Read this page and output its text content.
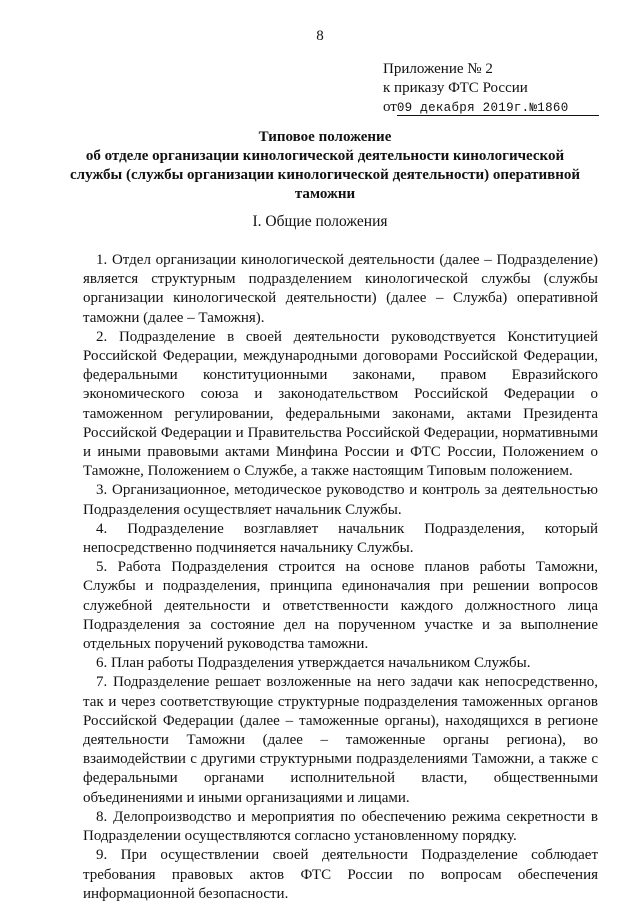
8
Приложение № 2
к приказу ФТС России
от09 декабря 2019г.№1860
Типовое положение
об отделе организации кинологической деятельности кинологической службы (службы организации кинологической деятельности) оперативной таможни
I. Общие положения

1. Отдел организации кинологической деятельности (далее – Подразделение) является структурным подразделением кинологической службы (службы организации кинологической деятельности) (далее – Служба) оперативной таможни (далее – Таможня).

2. Подразделение в своей деятельности руководствуется Конституцией Российской Федерации, международными договорами Российской Федерации, федеральными конституционными законами, правом Евразийского экономического союза и законодательством Российской Федерации о таможенном регулировании, федеральными законами, актами Президента Российской Федерации и Правительства Российской Федерации, нормативными и иными правовыми актами Минфина России и ФТС России, Положением о Таможне, Положением о Службе, а также настоящим Типовым положением.

3. Организационное, методическое руководство и контроль за деятельностью Подразделения осуществляет начальник Службы.

4. Подразделение возглавляет начальник Подразделения, который непосредственно подчиняется начальнику Службы.

5. Работа Подразделения строится на основе планов работы Таможни, Службы и подразделения, принципа единоначалия при решении вопросов служебной деятельности и ответственности каждого должностного лица Подразделения за состояние дел на порученном участке и за выполнение отдельных поручений руководства таможни.

6. План работы Подразделения утверждается начальником Службы.

7. Подразделение решает возложенные на него задачи как непосредственно, так и через соответствующие структурные подразделения таможенных органов Российской Федерации (далее – таможенные органы), находящихся в регионе деятельности Таможни (далее – таможенные органы региона), во взаимодействии с другими структурными подразделениями Таможни, а также с федеральными органами исполнительной власти, общественными объединениями и иными организациями и лицами.

8. Делопроизводство и мероприятия по обеспечению режима секретности в Подразделении осуществляются согласно установленному порядку.

9. При осуществлении своей деятельности Подразделение соблюдает требования правовых актов ФТС России по вопросам обеспечения информационной безопасности.
